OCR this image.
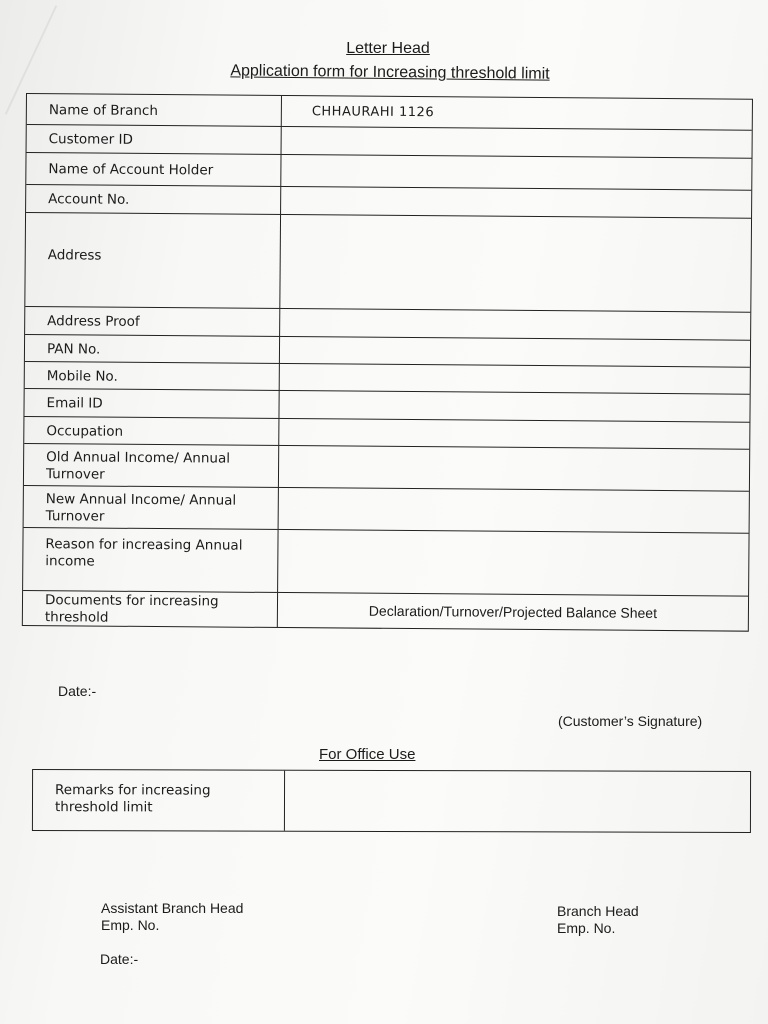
Letter Head
Application form for Increasing threshold limit
Name of Branch	CHHAURAHI 1126
Customer ID
Name of Account Holder
Account No.
Address
Address Proof
PAN No.
Mobile No.
Email ID
Occupation
Old Annual Income/ Annual Turnover
New Annual Income/ Annual Turnover
Reason for increasing Annual income
Documents for increasing threshold	Declaration/Turnover/Projected Balance Sheet
Date:-
(Customer’s Signature)
For Office Use
Remarks for increasing threshold limit
Assistant Branch Head
Emp. No.
Branch Head
Emp. No.
Date:-
